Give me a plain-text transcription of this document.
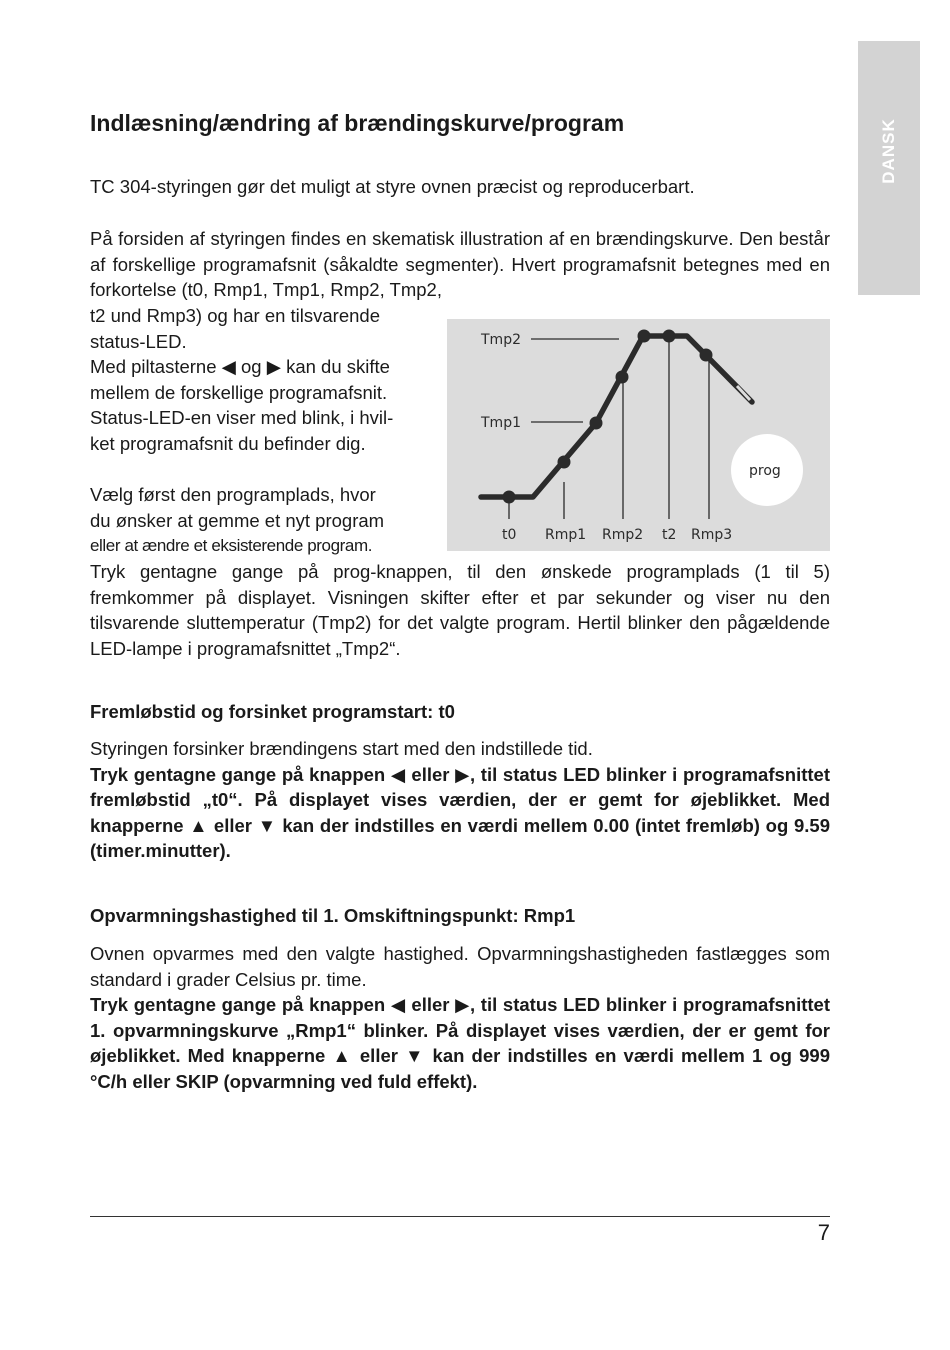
DANSK
Indlæsning/ændring af brændingskurve/program

TC 304-styringen gør det muligt at styre ovnen præcist og reproducerbart.

På forsiden af styringen findes en skematisk illustration af en brændingskurve. Den består af forskellige programafsnit (såkaldte segmenter). Hvert programafsnit betegnes med en forkortelse (t0, Rmp1, Tmp1, Rmp2, Tmp2,

t2 und Rmp3) og har en tilsvarende

status-LED.

Med piltasterne ◀ og ▶ kan du skifte

mellem de forskellige programafsnit.

Status-LED-en viser med blink, i hvil-

ket programafsnit du befinder dig.

Vælg først den programplads, hvor

du ønsker at gemme et nyt program

eller at ændre et eksisterende program.

Tryk gentagne gange på prog-knappen, til den ønskede programplads (1 til 5) fremkommer på displayet. Visningen skifter efter et par sekunder og viser nu den tilsvarende sluttemperatur (Tmp2) for det valgte program. Hertil blinker den pågældende LED-lampe i programafsnittet „Tmp2“.

Fremløbstid og forsinket programstart: t0

Styringen forsinker brændingens start med den indstillede tid.

Tryk gentagne gange på knappen ◀ eller ▶, til status LED blinker i programafsnittet fremløbstid „t0“. På displayet vises værdien, der er gemt for øjeblikket. Med knapperne ▲ eller ▼ kan der indstilles en værdi mellem 0.00 (intet fremløb) og 9.59 (timer.minutter).

Opvarmningshastighed til 1. Omskiftningspunkt: Rmp1

Ovnen opvarmes med den valgte hastighed. Opvarmningshastigheden fastlægges som standard i grader Celsius pr. time.

Tryk gentagne gange på knappen ◀ eller ▶, til status LED blinker i programafsnittet 1. opvarmningskurve „Rmp1“ blinker. På displayet vises værdien, der er gemt for øjeblikket. Med knapperne ▲ eller ▼ kan der indstilles en værdi mellem 1 og 999 °C/h eller SKIP (opvarmning ved fuld effekt).

Tmp2
Tmp1
t0 Rmp1 Rmp2 t2 Rmp3
prog
7
